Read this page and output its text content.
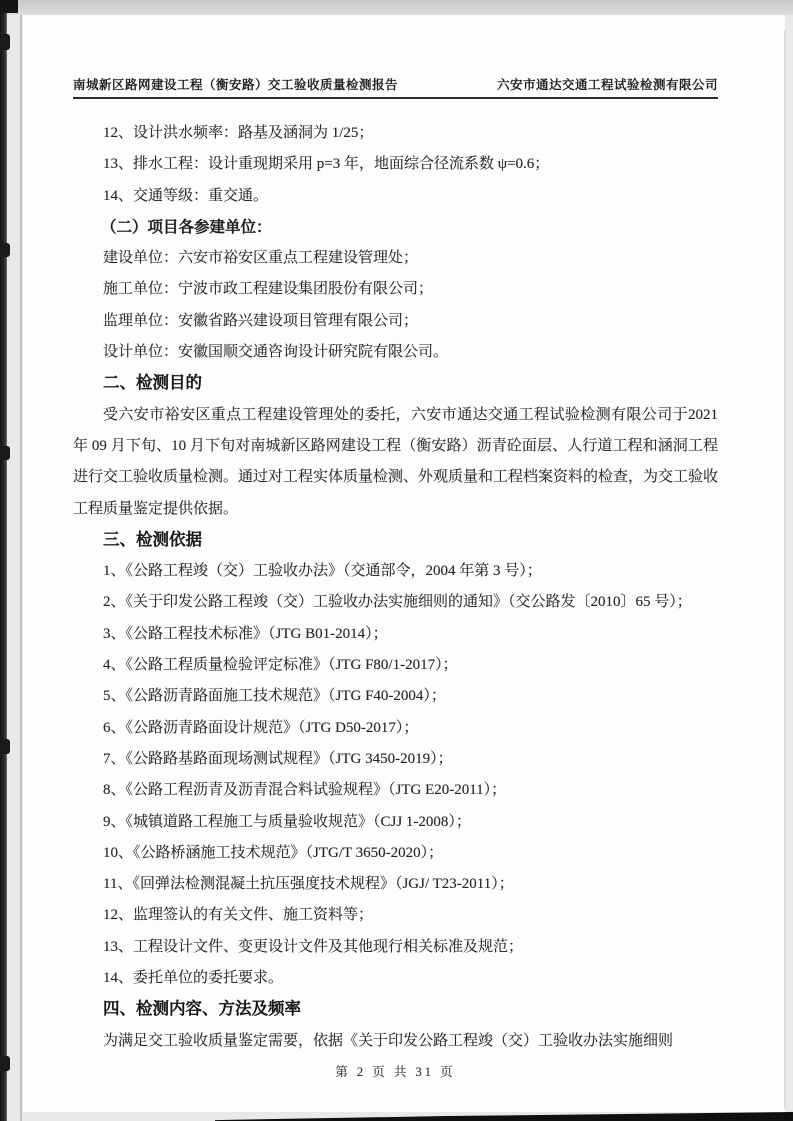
南城新区路网建设工程（衡安路）交工验收质量检测报告	六安市通达交通工程试验检测有限公司
12、设计洪水频率：路基及涵洞为 1/25；
13、排水工程：设计重现期采用 p=3 年，地面综合径流系数 ψ=0.6；
14、交通等级：重交通。
（二）项目各参建单位：
建设单位：六安市裕安区重点工程建设管理处；
施工单位：宁波市政工程建设集团股份有限公司；
监理单位：安徽省路兴建设项目管理有限公司；
设计单位：安徽国顺交通咨询设计研究院有限公司。
二、检测目的
受六安市裕安区重点工程建设管理处的委托，六安市通达交通工程试验检测有限公司于2021 年 09 月下旬、10 月下旬对南城新区路网建设工程（衡安路）沥青砼面层、人行道工程和涵洞工程进行交工验收质量检测。通过对工程实体质量检测、外观质量和工程档案资料的检查，为交工验收工程质量鉴定提供依据。
三、检测依据
1、《公路工程竣（交）工验收办法》（交通部令，2004 年第 3 号）；
2、《关于印发公路工程竣（交）工验收办法实施细则的通知》（交公路发〔2010〕65 号）；
3、《公路工程技术标准》（JTG B01-2014）；
4、《公路工程质量检验评定标准》（JTG F80/1-2017）；
5、《公路沥青路面施工技术规范》（JTG F40-2004）；
6、《公路沥青路面设计规范》（JTG D50-2017）；
7、《公路路基路面现场测试规程》（JTG 3450-2019）；
8、《公路工程沥青及沥青混合料试验规程》（JTG E20-2011）；
9、《城镇道路工程施工与质量验收规范》（CJJ 1-2008）；
10、《公路桥涵施工技术规范》（JTG/T 3650-2020）；
11、《回弹法检测混凝土抗压强度技术规程》（JGJ/ T23-2011）；
12、监理签认的有关文件、施工资料等；
13、工程设计文件、变更设计文件及其他现行相关标准及规范；
14、委托单位的委托要求。
四、检测内容、方法及频率
为满足交工验收质量鉴定需要，依据《关于印发公路工程竣（交）工验收办法实施细则
第 2 页 共 31 页
